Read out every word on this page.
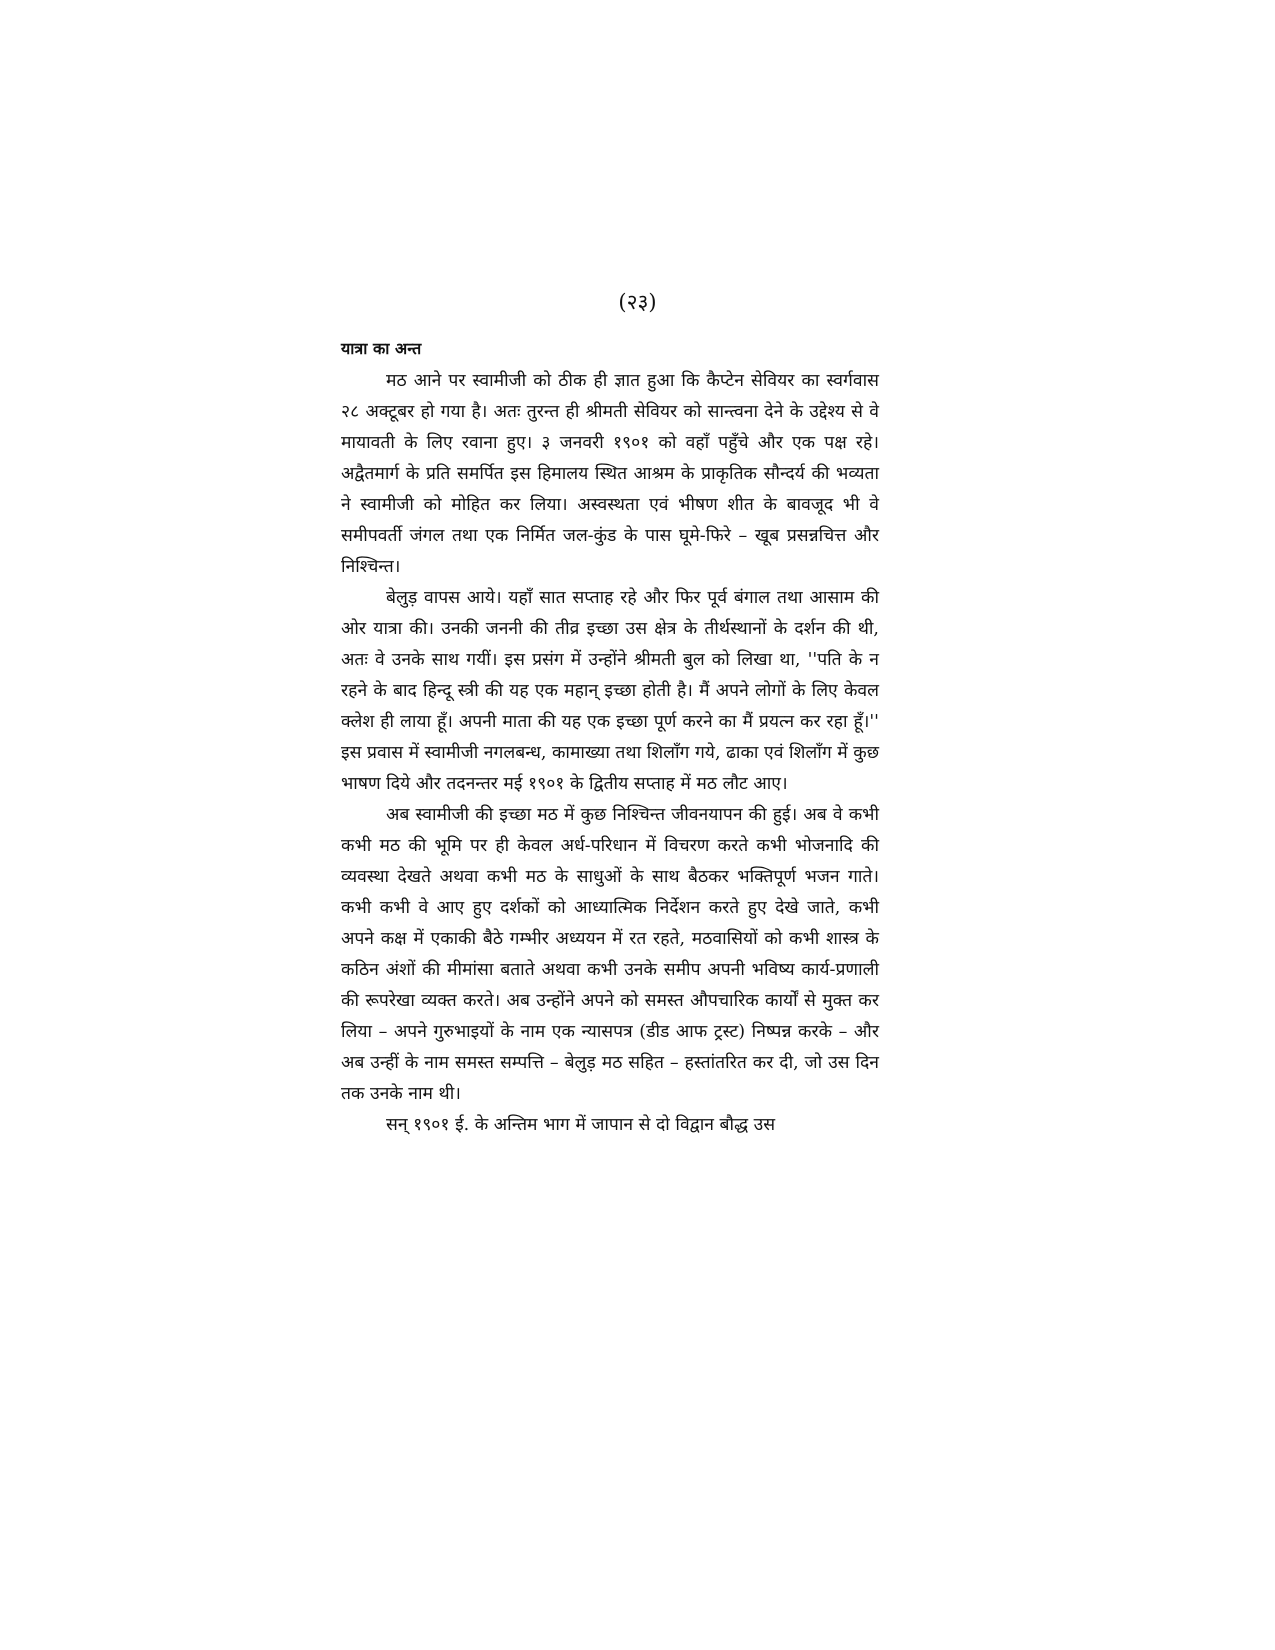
(२३)
यात्रा का अन्त

मठ आने पर स्वामीजी को ठीक ही ज्ञात हुआ कि कैप्टेन सेवियर का स्वर्गवास २८ अक्टूबर हो गया है। अतः तुरन्त ही श्रीमती सेवियर को सान्त्वना देने के उद्देश्य से वे मायावती के लिए रवाना हुए। ३ जनवरी १९०१ को वहाँ पहुँचे और एक पक्ष रहे। अद्वैतमार्ग के प्रति समर्पित इस हिमालय स्थित आश्रम के प्राकृतिक सौन्दर्य की भव्यता ने स्वामीजी को मोहित कर लिया। अस्वस्थता एवं भीषण शीत के बावजूद भी वे समीपवर्ती जंगल तथा एक निर्मित जल-कुंड के पास घूमे-फिरे – खूब प्रसन्नचित्त और निश्चिन्त।

बेलुड़ वापस आये। यहाँ सात सप्ताह रहे और फिर पूर्व बंगाल तथा आसाम की ओर यात्रा की। उनकी जननी की तीव्र इच्छा उस क्षेत्र के तीर्थस्थानों के दर्शन की थी, अतः वे उनके साथ गयीं। इस प्रसंग में उन्होंने श्रीमती बुल को लिखा था, ''पति के न रहने के बाद हिन्दू स्त्री की यह एक महान् इच्छा होती है। मैं अपने लोगों के लिए केवल क्लेश ही लाया हूँ। अपनी माता की यह एक इच्छा पूर्ण करने का मैं प्रयत्न कर रहा हूँ।'' इस प्रवास में स्वामीजी नगलबन्ध, कामाख्या तथा शिलाँग गये, ढाका एवं शिलाँग में कुछ भाषण दिये और तदनन्तर मई १९०१ के द्वितीय सप्ताह में मठ लौट आए।

अब स्वामीजी की इच्छा मठ में कुछ निश्चिन्त जीवनयापन की हुई। अब वे कभी कभी मठ की भूमि पर ही केवल अर्ध-परिधान में विचरण करते कभी भोजनादि की व्यवस्था देखते अथवा कभी मठ के साधुओं के साथ बैठकर भक्तिपूर्ण भजन गाते। कभी कभी वे आए हुए दर्शकों को आध्यात्मिक निर्देशन करते हुए देखे जाते, कभी अपने कक्ष में एकाकी बैठे गम्भीर अध्ययन में रत रहते, मठवासियों को कभी शास्त्र के कठिन अंशों की मीमांसा बताते अथवा कभी उनके समीप अपनी भविष्य कार्य-प्रणाली की रूपरेखा व्यक्त करते। अब उन्होंने अपने को समस्त औपचारिक कार्यों से मुक्त कर लिया – अपने गुरुभाइयों के नाम एक न्यासपत्र (डीड आफ ट्रस्ट) निष्पन्न करके – और अब उन्हीं के नाम समस्त सम्पत्ति – बेलुड़ मठ सहित – हस्तांतरित कर दी, जो उस दिन तक उनके नाम थी।

सन् १९०१ ई. के अन्तिम भाग में जापान से दो विद्वान बौद्ध उस
